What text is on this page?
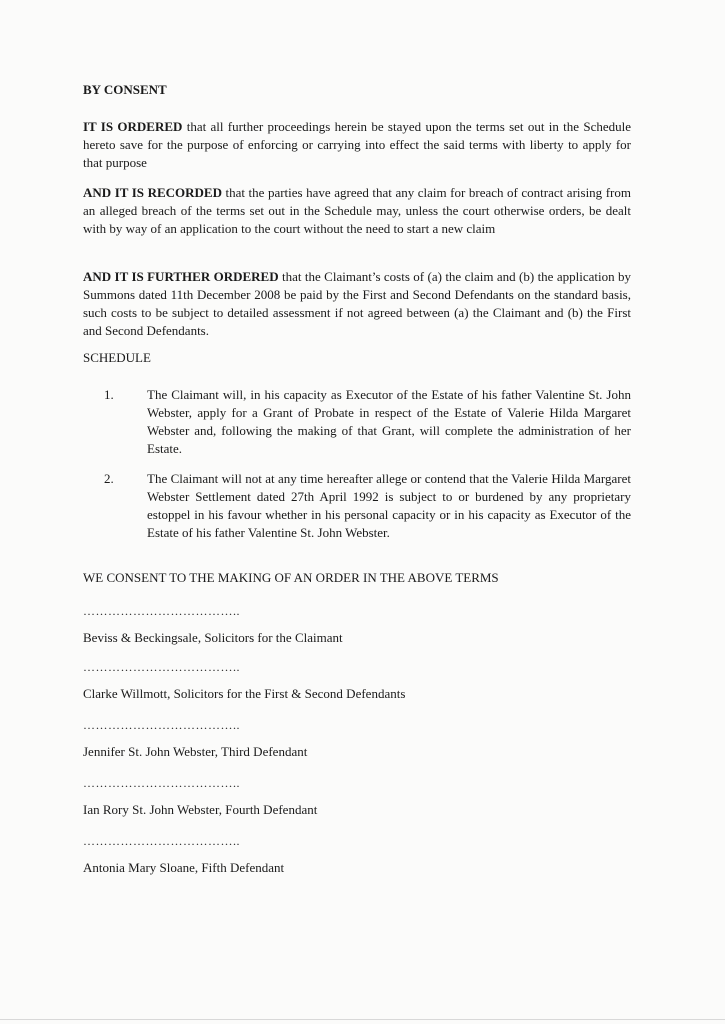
BY CONSENT

IT IS ORDERED that all further proceedings herein be stayed upon the terms set out in the Schedule hereto save for the purpose of enforcing or carrying into effect the said terms with liberty to apply for that purpose

AND IT IS RECORDED that the parties have agreed that any claim for breach of contract arising from an alleged breach of the terms set out in the Schedule may, unless the court otherwise orders, be dealt with by way of an application to the court without the need to start a new claim

AND IT IS FURTHER ORDERED that the Claimant’s costs of (a) the claim and (b) the application by Summons dated 11th December 2008 be paid by the First and Second Defendants on the standard basis, such costs to be subject to detailed assessment if not agreed between (a) the Claimant and (b) the First and Second Defendants.

SCHEDULE

1.	The Claimant will, in his capacity as Executor of the Estate of his father Valentine St. John Webster, apply for a Grant of Probate in respect of the Estate of Valerie Hilda Margaret Webster and, following the making of that Grant, will complete the administration of her Estate.
2.	The Claimant will not at any time hereafter allege or contend that the Valerie Hilda Margaret Webster Settlement dated 27th April 1992 is subject to or burdened by any proprietary estoppel in his favour whether in his personal capacity or in his capacity as Executor of the Estate of his father Valentine St. John Webster.

WE CONSENT TO THE MAKING OF AN ORDER IN THE ABOVE TERMS

………………………………..
Beviss & Beckingsale, Solicitors for the Claimant
………………………………..
Clarke Willmott, Solicitors for the First & Second Defendants
………………………………..
Jennifer St. John Webster, Third Defendant
………………………………..
Ian Rory St. John Webster, Fourth Defendant
………………………………..
Antonia Mary Sloane, Fifth Defendant
